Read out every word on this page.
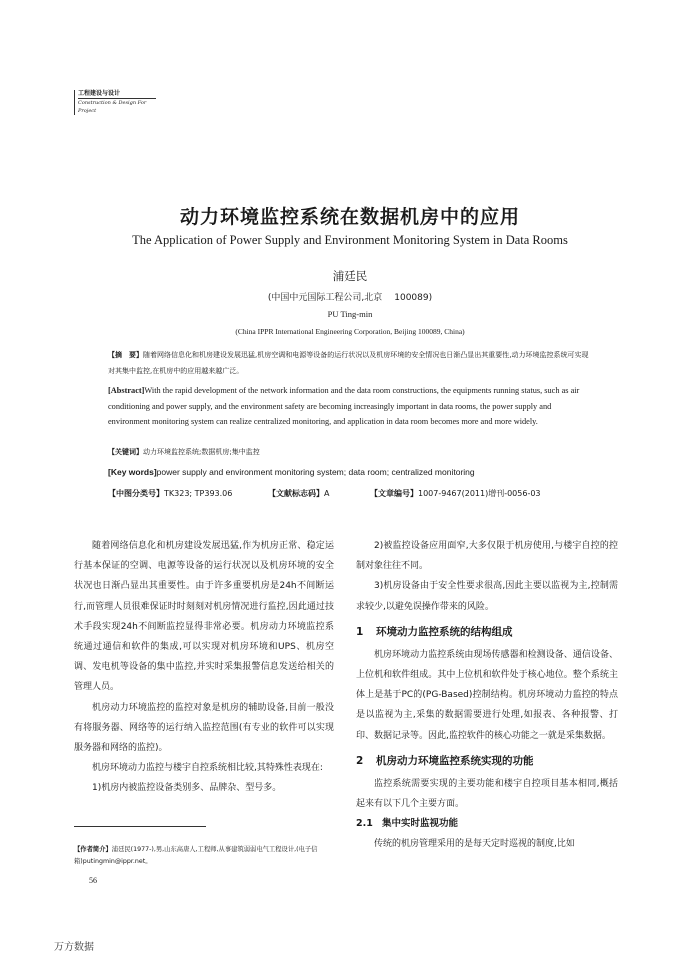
工程建设与设计
Construction & Design For Project
动力环境监控系统在数据机房中的应用
The Application of Power Supply and Environment Monitoring System in Data Rooms
浦廷民
(中国中元国际工程公司,北京 100089)
PU Ting-min
(China IPPR International Engineering Corporation, Beijing 100089, China)
【摘　要】随着网络信息化和机房建设发展迅猛,机房空调和电源等设备的运行状况以及机房环境的安全情况也日渐凸显出其重要性,动力环境监控系统可实现对其集中监控,在机房中的应用越来越广泛。
[Abstract]With the rapid development of the network information and the data room constructions, the equipments running status, such as air conditioning and power supply, and the environment safety are becoming increasingly important in data rooms, the power supply and environment monitoring system can realize centralized monitoring, and application in data room becomes more and more widely.
【关键词】动力环境监控系统;数据机房;集中监控
[Key words]power supply and environment monitoring system; data room; centralized monitoring
【中图分类号】TK323; TP393.06	【文献标志码】A	【文章编号】1007-9467(2011)增刊-0056-03

随着网络信息化和机房建设发展迅猛,作为机房正常、稳定运行基本保证的空调、电源等设备的运行状况以及机房环境的安全状况也日渐凸显出其重要性。由于许多重要机房是24h不间断运行,而管理人员很难保证时时刻刻对机房情况进行监控,因此通过技术手段实现24h不间断监控显得非常必要。机房动力环境监控系统通过通信和软件的集成,可以实现对机房环境和UPS、机房空调、发电机等设备的集中监控,并实时采集报警信息发送给相关的管理人员。

机房动力环境监控的监控对象是机房的辅助设备,目前一般没有将服务器、网络等的运行纳入监控范围(有专业的软件可以实现服务器和网络的监控)。

机房环境动力监控与楼宇自控系统相比较,其特殊性表现在:

1)机房内被监控设备类别多、品牌杂、型号多。

2)被监控设备应用面窄,大多仅限于机房使用,与楼宇自控的控制对象往往不同。

3)机房设备由于安全性要求很高,因此主要以监视为主,控制需求较少,以避免误操作带来的风险。

1 环境动力监控系统的结构组成

机房环境动力监控系统由现场传感器和检测设备、通信设备、上位机和软件组成。其中上位机和软件处于核心地位。整个系统主体上是基于PC的(PG-Based)控制结构。机房环境动力监控的特点是以监视为主,采集的数据需要进行处理,如报表、各种报警、打印、数据记录等。因此,监控软件的核心功能之一就是采集数据。

2 机房动力环境监控系统实现的功能

监控系统需要实现的主要功能和楼宇自控项目基本相同,概括起来有以下几个主要方面。

2.1 集中实时监视功能

传统的机房管理采用的是每天定时巡视的制度,比如

【作者简介】浦廷民(1977-),男,山东高唐人,工程师,从事建筑弱弱电气工程设计,(电子信箱)putingmin@ippr.net。
56
万方数据
